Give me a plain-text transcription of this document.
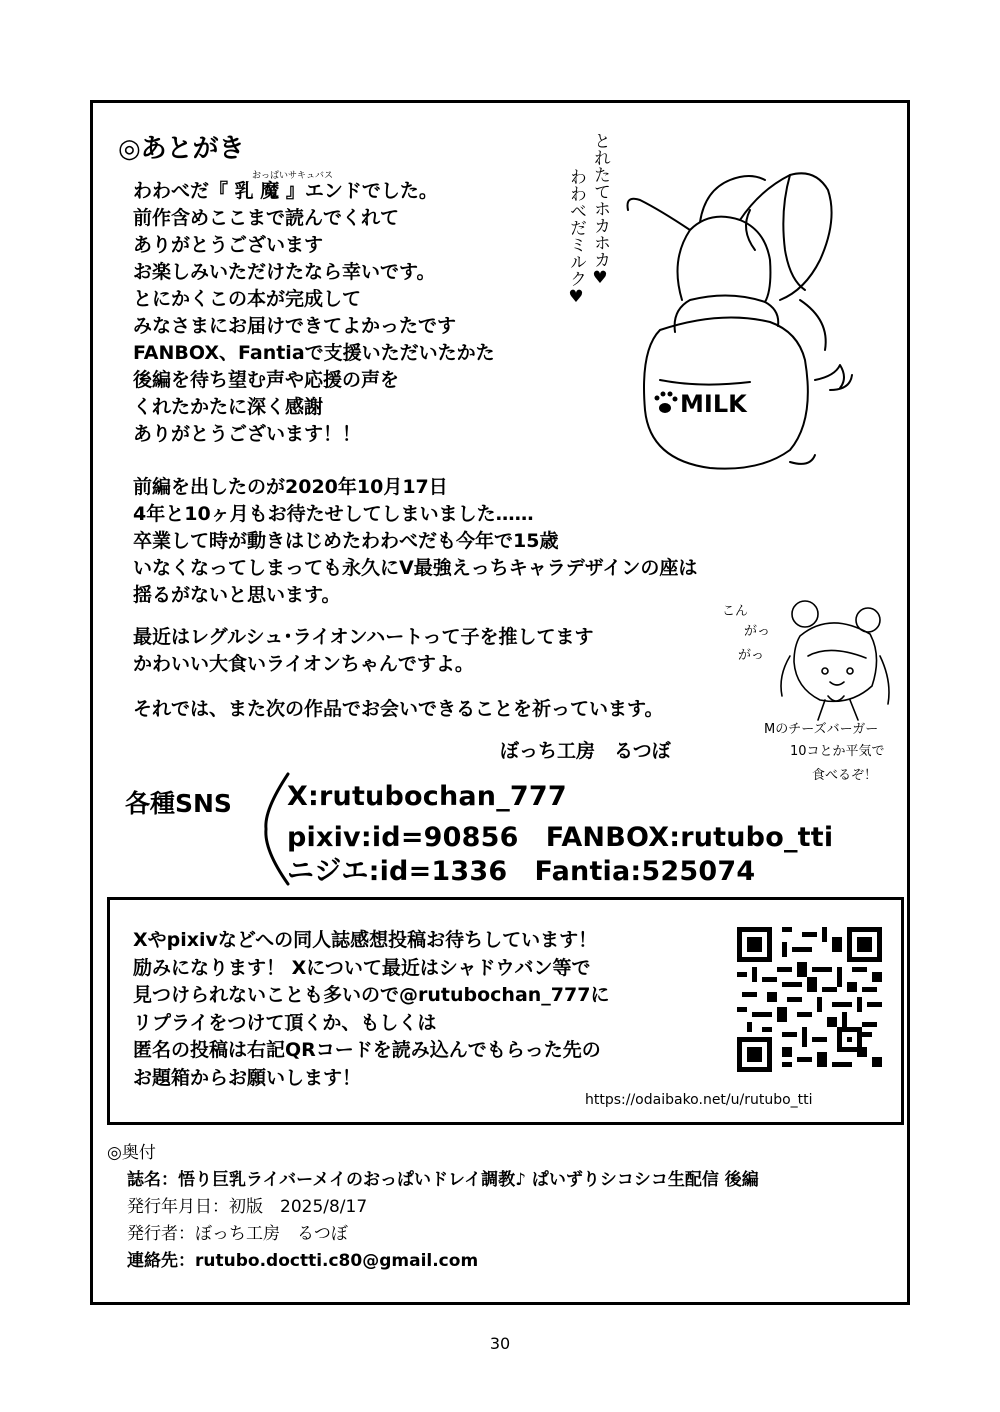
◎あとがき
おっぱいサキュバス
わわべだ『 乳 魔 』エンドでした。
前作含めここまで読んでくれて
ありがとうございます
お楽しみいただけたなら幸いです。
とにかくこの本が完成して
みなさまにお届けできてよかったです
FANBOX、Fantiaで支援いただいたかた
後編を待ち望む声や応援の声を
くれたかたに深く感謝
ありがとうございます！！
前編を出したのが2020年10月17日
4年と10ヶ月もお待たせしてしまいました……
卒業して時が動きはじめたわわべだも今年で15歳
いなくなってしまっても永久にV最強えっちキャラデザインの座は
揺るがないと思います。
最近はレグルシュ･ライオンハートって子を推してます
かわいい大食いライオンちゃんですよ。
それでは、また次の作品でお会いできることを祈っています。
ぼっち工房　るつぼ
MILK
とれたてホカホカ♥
わわべだミルク♥
こん
がっ
がっ
Mのチーズバーガー
10コとか平気で
食べるぞ！
各種SNS X:rutubochan_777
pixiv:id=90856　FANBOX:rutubo_tti
ニジエ:id=1336　Fantia:525074
Xやpixivなどへの同人誌感想投稿お待ちしています！
励みになります！ Xについて最近はシャドウバン等で
見つけられないことも多いので@rutubochan_777に
リプライをつけて頂くか、もしくは
匿名の投稿は右記QRコードを読み込んでもらった先の
お題箱からお願いします！
https://odaibako.net/u/rutubo_tti
◎奥付
誌名：悟り巨乳ライバーメイのおっぱいドレイ調教♪ ぱいずりシコシコ生配信 後編
発行年月日：初版　2025/8/17
発行者：ぼっち工房　るつぼ
連絡先：rutubo.doctti.c80@gmail.com
30
